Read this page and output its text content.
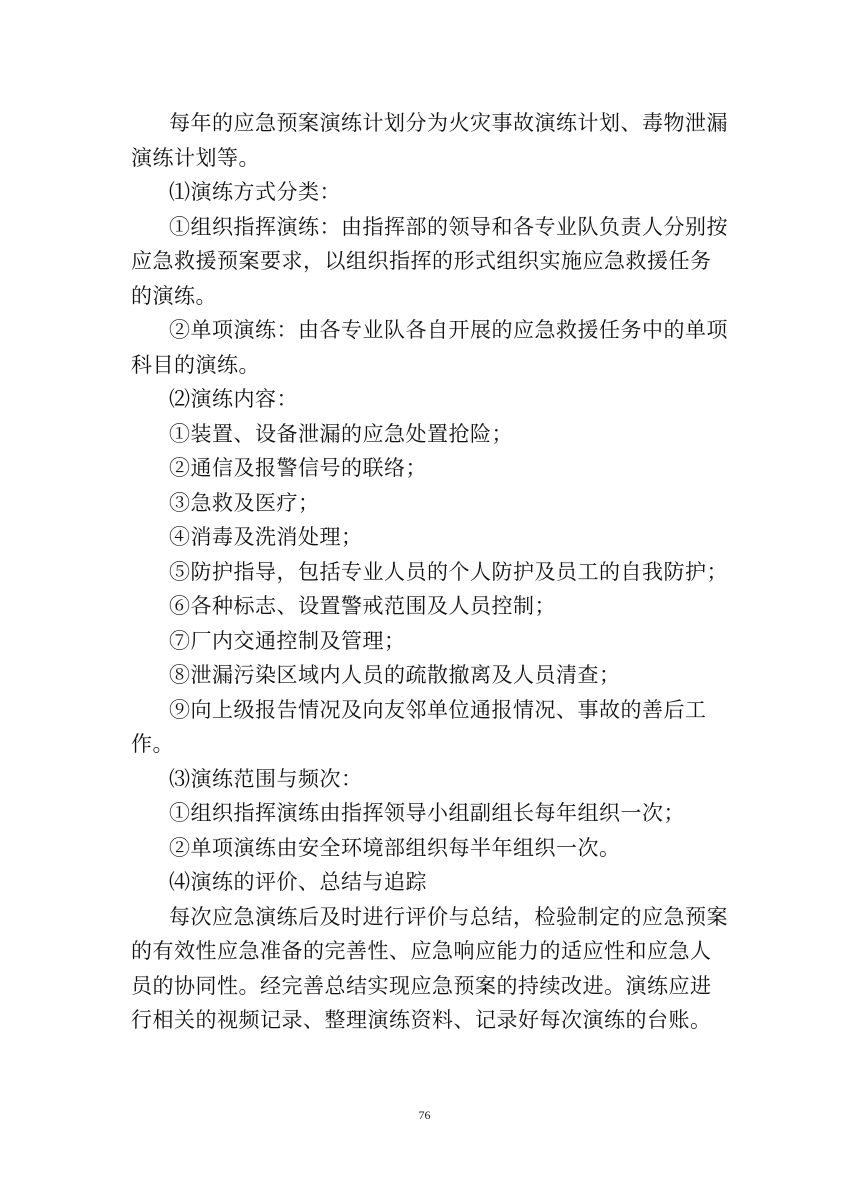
每年的应急预案演练计划分为火灾事故演练计划、毒物泄漏演练计划等。

⑴演练方式分类：

①组织指挥演练：由指挥部的领导和各专业队负责人分别按应急救援预案要求，以组织指挥的形式组织实施应急救援任务的演练。

②单项演练：由各专业队各自开展的应急救援任务中的单项科目的演练。

⑵演练内容：

①装置、设备泄漏的应急处置抢险；

②通信及报警信号的联络；

③急救及医疗；

④消毒及洗消处理；

⑤防护指导，包括专业人员的个人防护及员工的自我防护；

⑥各种标志、设置警戒范围及人员控制；

⑦厂内交通控制及管理；

⑧泄漏污染区域内人员的疏散撤离及人员清查；

⑨向上级报告情况及向友邻单位通报情况、事故的善后工作。

⑶演练范围与频次：

①组织指挥演练由指挥领导小组副组长每年组织一次；

②单项演练由安全环境部组织每半年组织一次。

⑷演练的评价、总结与追踪

每次应急演练后及时进行评价与总结，检验制定的应急预案的有效性应急准备的完善性、应急响应能力的适应性和应急人员的协同性。经完善总结实现应急预案的持续改进。演练应进行相关的视频记录、整理演练资料、记录好每次演练的台账。

76
